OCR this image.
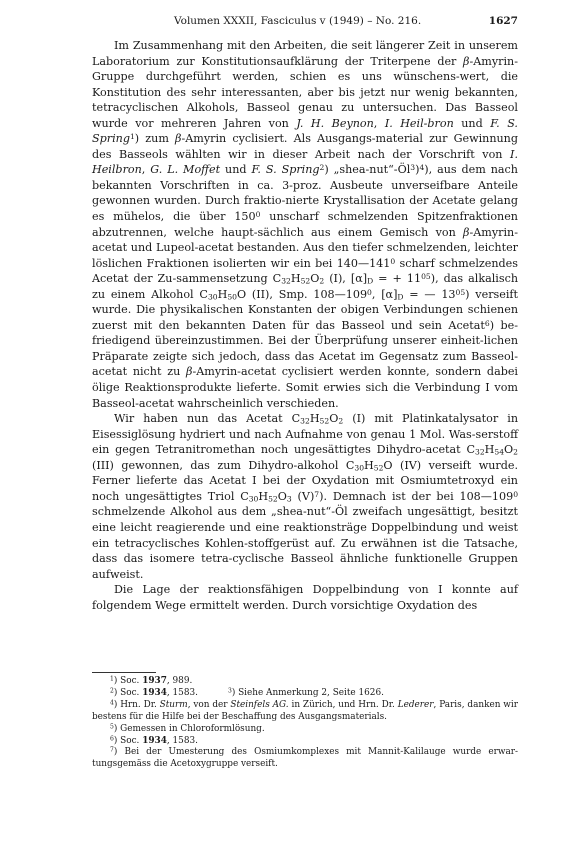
Volumen XXXII, Fasciculus v (1949) – No. 216.	1627

Im Zusammenhang mit den Arbeiten, die seit längerer Zeit in unserem Laboratorium zur Konstitutionsaufklärung der Triterpene der β-Amyrin-Gruppe durchgeführt werden, schien es uns wünschens-wert, die Konstitution des sehr interessanten, aber bis jetzt nur wenig bekannten, tetracyclischen Alkohols, Basseol genau zu untersuchen. Das Basseol wurde vor mehreren Jahren von J. H. Beynon, I. Heil-bron und F. S. Spring$^1$) zum β-Amyrin cyclisiert. Als Ausgangs-material zur Gewinnung des Basseols wählten wir in dieser Arbeit nach der Vorschrift von I. Heilbron, G. L. Moffet und F. S. Spring$^2$) $„shea-nut“-Öl^3)^4$), aus dem nach bekannten Vorschriften in ca. 3-proz. Ausbeute unverseifbare Anteile gewonnen wurden. Durch fraktio-nierte Krystallisation der Acetate gelang es mühelos, die über $150^0$ unscharf schmelzenden Spitzenfraktionen abzutrennen, welche haupt-sächlich aus einem Gemisch von β-Amyrin-acetat und Lupeol-acetat bestanden. Aus den tiefer schmelzenden, leichter löslichen Fraktionen isolierten wir ein bei $140—141^0$ scharf schmelzendes Acetat der Zu-sammensetzung $C_{32}H_{52}O_2$ (I), $[\alpha]_D$ = + $11^{05}$), das alkalisch zu einem Alkohol $C_{30}H_{50}O$ (II), Smp. $108—109^0$, $[\alpha]_D$ = — $13^{05}$) verseift wurde. Die physikalischen Konstanten der obigen Verbindungen schienen zuerst mit den bekannten Daten für das Basseol und sein Acetat$^6$) be-friedigend übereinzustimmen. Bei der Überprüfung unserer einheit-lichen Präparate zeigte sich jedoch, dass das Acetat im Gegensatz zum Basseol-acetat nicht zu β-Amyrin-acetat cyclisiert werden konnte, sondern dabei ölige Reaktionsprodukte lieferte. Somit erwies sich die Verbindung I vom Basseol-acetat wahrscheinlich verschieden.

Wir haben nun das Acetat $C_{32}H_{52}O_2$ (I) mit Platinkatalysator in Eisessiglösung hydriert und nach Aufnahme von genau 1 Mol. Was-serstoff ein gegen Tetranitromethan noch ungesättigtes Dihydro-acetat $C_{32}H_{54}O_2$ (III) gewonnen, das zum Dihydro-alkohol $C_{30}H_{52}O$ (IV) verseift wurde. Ferner lieferte das Acetat I bei der Oxydation mit Osmiumtetroxyd ein noch ungesättigtes Triol $C_{30}H_{52}O_3$ $(V)^7$). Demnach ist der bei $108—109^0$ schmelzende Alkohol aus dem „shea-nut“-Öl zweifach ungesättigt, besitzt eine leicht reagierende und eine reaktionsträge Doppelbindung und weist ein tetracyclisches Kohlen-stoffgerüst auf. Zu erwähnen ist die Tatsache, dass das isomere tetra-cyclische Basseol ähnliche funktionelle Gruppen aufweist.

Die Lage der reaktionsfähigen Doppelbindung von I konnte auf folgendem Wege ermittelt werden. Durch vorsichtige Oxydation des

$^1$) Soc. 1937, 989.

$^2$) Soc. 1934, 1583.	$^3$) Siehe Anmerkung 2, Seite 1626.

$^4$) Hrn. Dr. Sturm, von der Steinfels AG. in Zürich, und Hrn. Dr. Lederer, Paris, danken wir bestens für die Hilfe bei der Beschaffung des Ausgangsmaterials.

$^5$) Gemessen in Chloroformlösung.

$^6$) Soc. 1934, 1583.

$^7$) Bei der Umesterung des Osmiumkomplexes mit Mannit-Kalilauge wurde erwar-tungsgemäss die Acetoxygruppe verseift.
